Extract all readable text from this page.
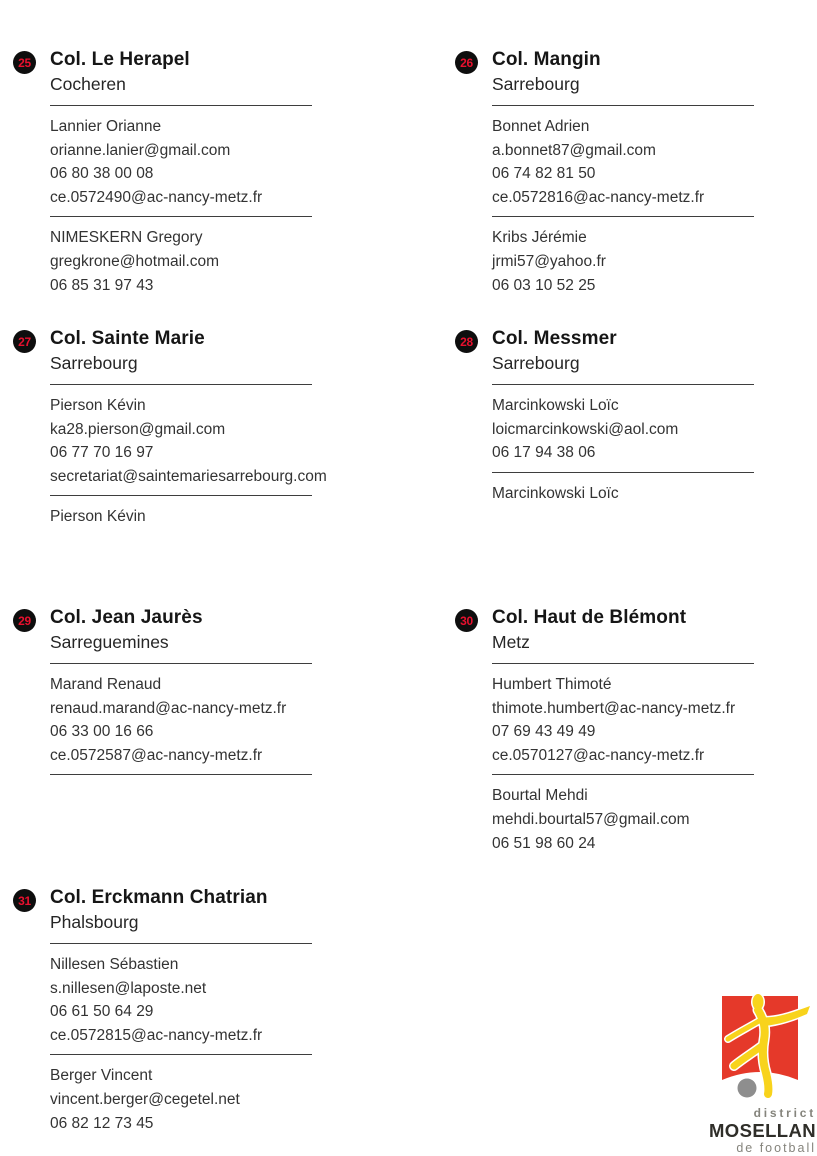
25 Col. Le Herapel
Cocheren
Lannier Orianne
orianne.lanier@gmail.com
06 80 38 00 08
ce.0572490@ac-nancy-metz.fr
NIMESKERN Gregory
gregkrone@hotmail.com
06 85 31 97 43
26 Col. Mangin
Sarrebourg
Bonnet Adrien
a.bonnet87@gmail.com
06 74 82 81 50
ce.0572816@ac-nancy-metz.fr
Kribs Jérémie
jrmi57@yahoo.fr
06 03 10 52 25
27 Col. Sainte Marie
Sarrebourg
Pierson Kévin
ka28.pierson@gmail.com
06 77 70 16 97
secretariat@saintemariesarrebourg.com
Pierson Kévin
28 Col. Messmer
Sarrebourg
Marcinkowski Loïc
loicmarcinkowski@aol.com
06 17 94 38 06
Marcinkowski Loïc
29 Col. Jean Jaurès
Sarreguemines
Marand Renaud
renaud.marand@ac-nancy-metz.fr
06 33 00 16 66
ce.0572587@ac-nancy-metz.fr
30 Col. Haut de Blémont
Metz
Humbert Thimoté
thimote.humbert@ac-nancy-metz.fr
07 69 43 49 49
ce.0570127@ac-nancy-metz.fr
Bourtal Mehdi
mehdi.bourtal57@gmail.com
06 51 98 60 24
31 Col. Erckmann Chatrian
Phalsbourg
Nillesen Sébastien
s.nillesen@laposte.net
06 61 50 64 29
ce.0572815@ac-nancy-metz.fr
Berger Vincent
vincent.berger@cegetel.net
06 82 12 73 45
district
MOSELLAN
de football
